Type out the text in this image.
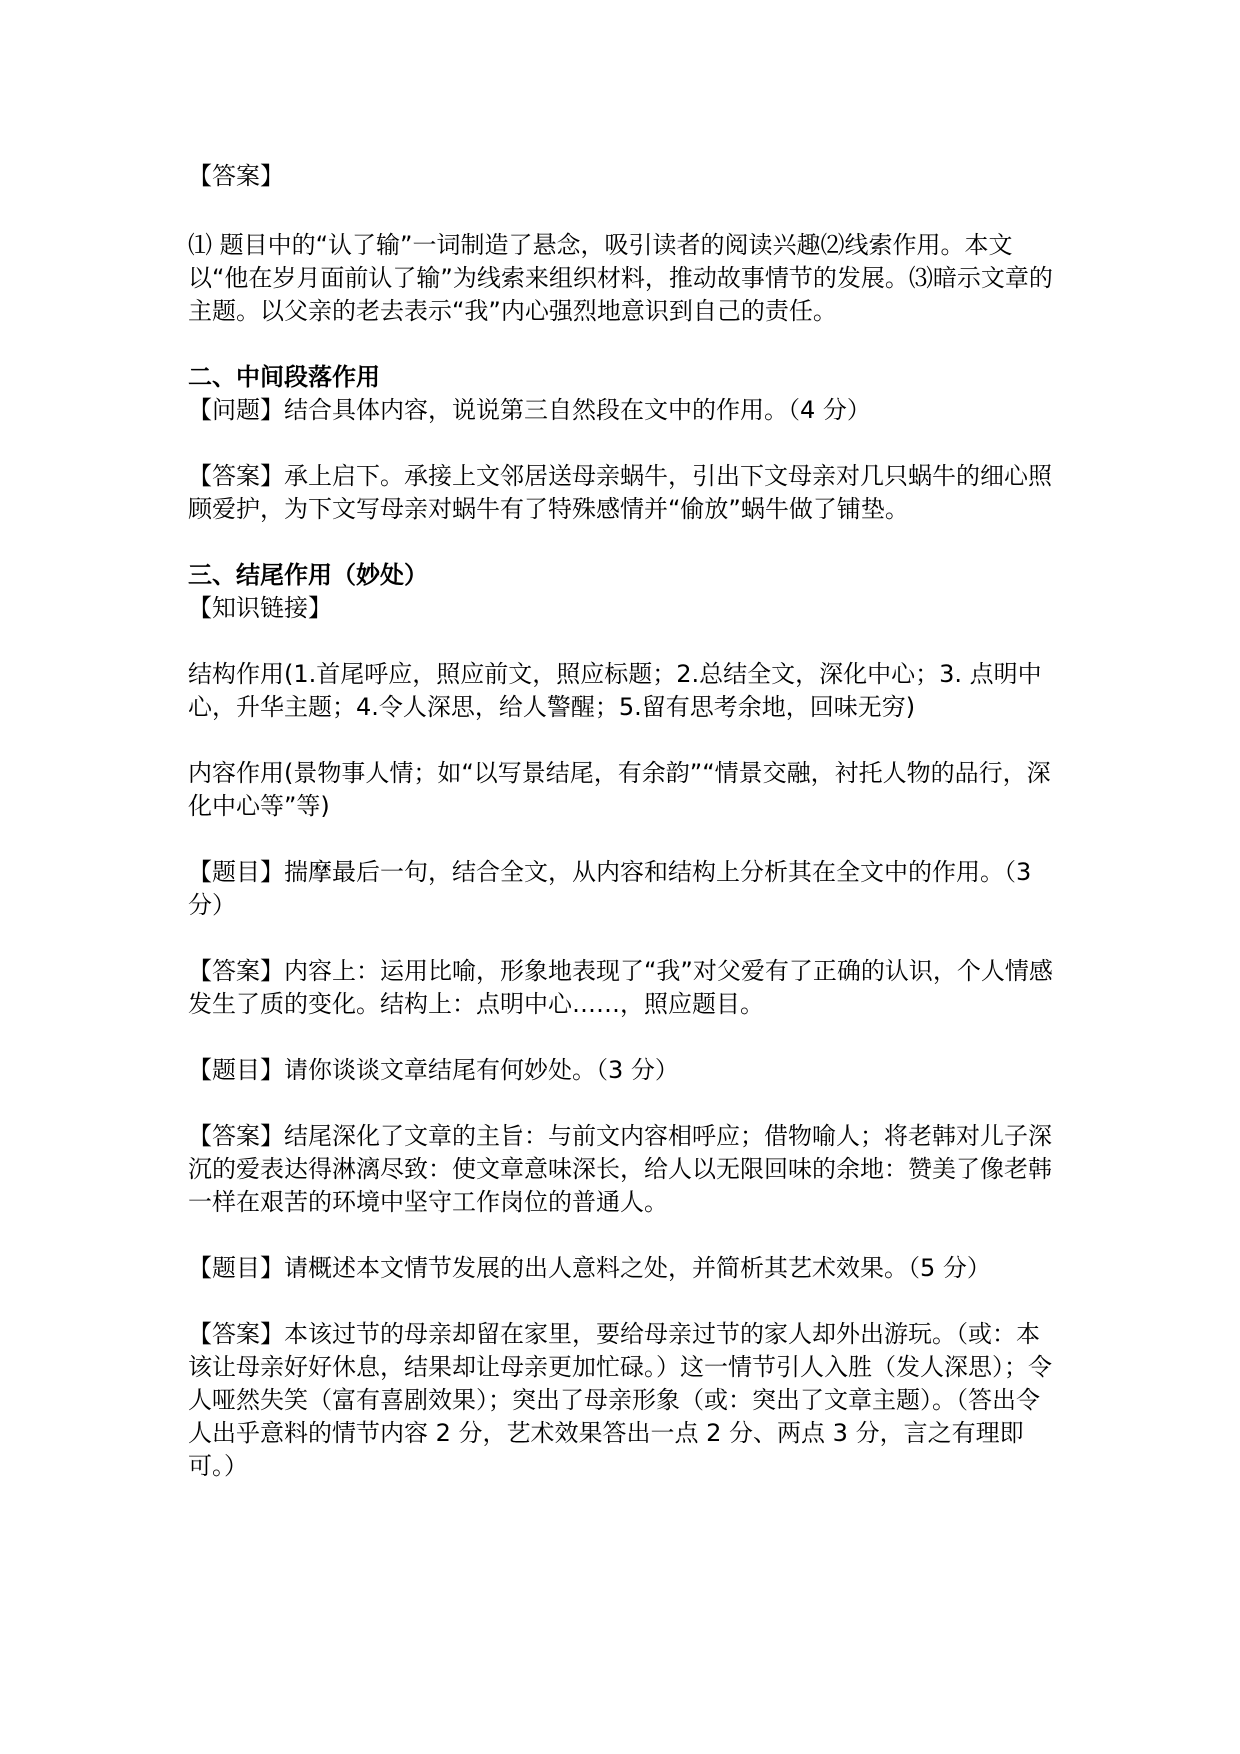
【答案】

⑴ 题目中的“认了输”一词制造了悬念，吸引读者的阅读兴趣⑵线索作用。本文以“他在岁月面前认了输”为线索来组织材料，推动故事情节的发展。⑶暗示文章的主题。以父亲的老去表示“我”内心强烈地意识到自己的责任。

二、中间段落作用

【问题】结合具体内容，说说第三自然段在文中的作用。（4 分）

【答案】承上启下。承接上文邻居送母亲蜗牛，引出下文母亲对几只蜗牛的细心照顾爱护，为下文写母亲对蜗牛有了特殊感情并“偷放”蜗牛做了铺垫。

三、结尾作用（妙处）

【知识链接】

结构作用(1.首尾呼应，照应前文，照应标题；2.总结全文，深化中心；3. 点明中心，升华主题；4.令人深思，给人警醒；5.留有思考余地，回味无穷)

内容作用(景物事人情；如“以写景结尾，有余韵”“情景交融，衬托人物的品行，深化中心等”等)

【题目】揣摩最后一句，结合全文，从内容和结构上分析其在全文中的作用。（3 分）

【答案】内容上：运用比喻，形象地表现了“我”对父爱有了正确的认识，个人情感发生了质的变化。结构上：点明中心……，照应题目。

【题目】请你谈谈文章结尾有何妙处。（3 分）

【答案】结尾深化了文章的主旨：与前文内容相呼应；借物喻人；将老韩对儿子深沉的爱表达得淋漓尽致：使文章意味深长，给人以无限回味的余地：赞美了像老韩一样在艰苦的环境中坚守工作岗位的普通人。

【题目】请概述本文情节发展的出人意料之处，并简析其艺术效果。（5 分）

【答案】本该过节的母亲却留在家里，要给母亲过节的家人却外出游玩。（或：本该让母亲好好休息，结果却让母亲更加忙碌。）这一情节引人入胜（发人深思）；令人哑然失笑（富有喜剧效果）；突出了母亲形象（或：突出了文章主题）。（答出令人出乎意料的情节内容 2 分，艺术效果答出一点 2 分、两点 3 分，言之有理即可。）
